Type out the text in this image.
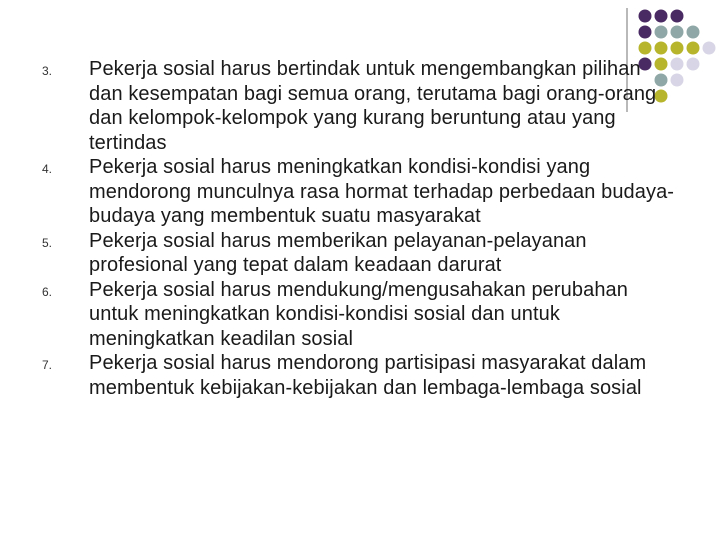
3. Pekerja sosial harus bertindak untuk mengembangkan pilihan dan kesempatan bagi semua orang, terutama bagi orang-orang dan kelompok-kelompok yang kurang beruntung atau yang tertindas
4. Pekerja sosial harus meningkatkan kondisi-kondisi yang mendorong munculnya rasa hormat terhadap perbedaan budaya-budaya yang membentuk suatu masyarakat
5. Pekerja sosial harus memberikan pelayanan-pelayanan profesional yang tepat dalam keadaan darurat
6. Pekerja sosial harus mendukung/mengusahakan perubahan untuk meningkatkan kondisi-kondisi sosial dan untuk meningkatkan keadilan sosial
7. Pekerja sosial harus mendorong partisipasi masyarakat dalam membentuk kebijakan-kebijakan dan lembaga-lembaga sosial
